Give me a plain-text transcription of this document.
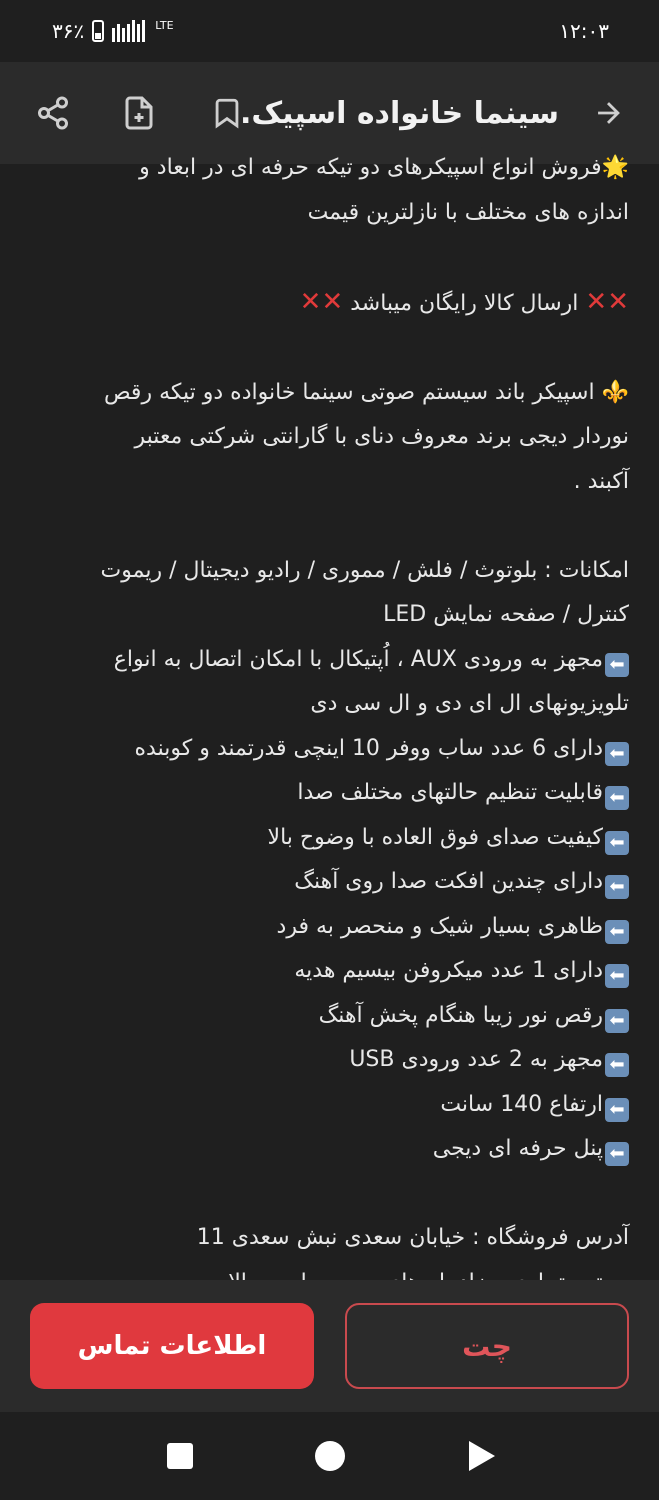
۳۶٪	LTE	۱۲:۰۳
سینما خانواده اسپیک.

🌟فروش انواع اسپیکرهای دو تیکه حرفه ای در ابعاد و

اندازه های مختلف با نازلترین قیمت

✕✕ ارسال کالا رایگان میباشد ✕✕

⚜️ اسپیکر باند سیستم صوتی سینما خانواده دو تیکه رقص

نوردار دیجی برند معروف دنای با گارانتی شرکتی معتبر

آکبند .

امکانات : بلوتوث / فلش / مموری / رادیو دیجیتال / ریموت

کنترل / صفحه نمایش LED

⬅مجهز به ورودی AUX ، اُپتیکال با امکان اتصال به انواع

تلویزیونهای ال ای دی و ال سی دی

⬅دارای 6 عدد ساب ووفر 10 اینچی قدرتمند و کوبنده

⬅قابلیت تنظیم حالتهای مختلف صدا

⬅کیفیت صدای فوق العاده با وضوح بالا

⬅دارای چندین افکت صدا روی آهنگ

⬅ظاهری بسیار شیک و منحصر به فرد

⬅دارای 1 عدد میکروفن بیسیم هدیه

⬅رقص نور زیبا هنگام پخش آهنگ

⬅مجهز به 2 عدد ورودی USB

⬅ارتفاع 140 سانت

⬅پنل حرفه ای دیجی

آدرس فروشگاه : خیابان سعدی نبش سعدی 11

اطلاعات تماس	چت
